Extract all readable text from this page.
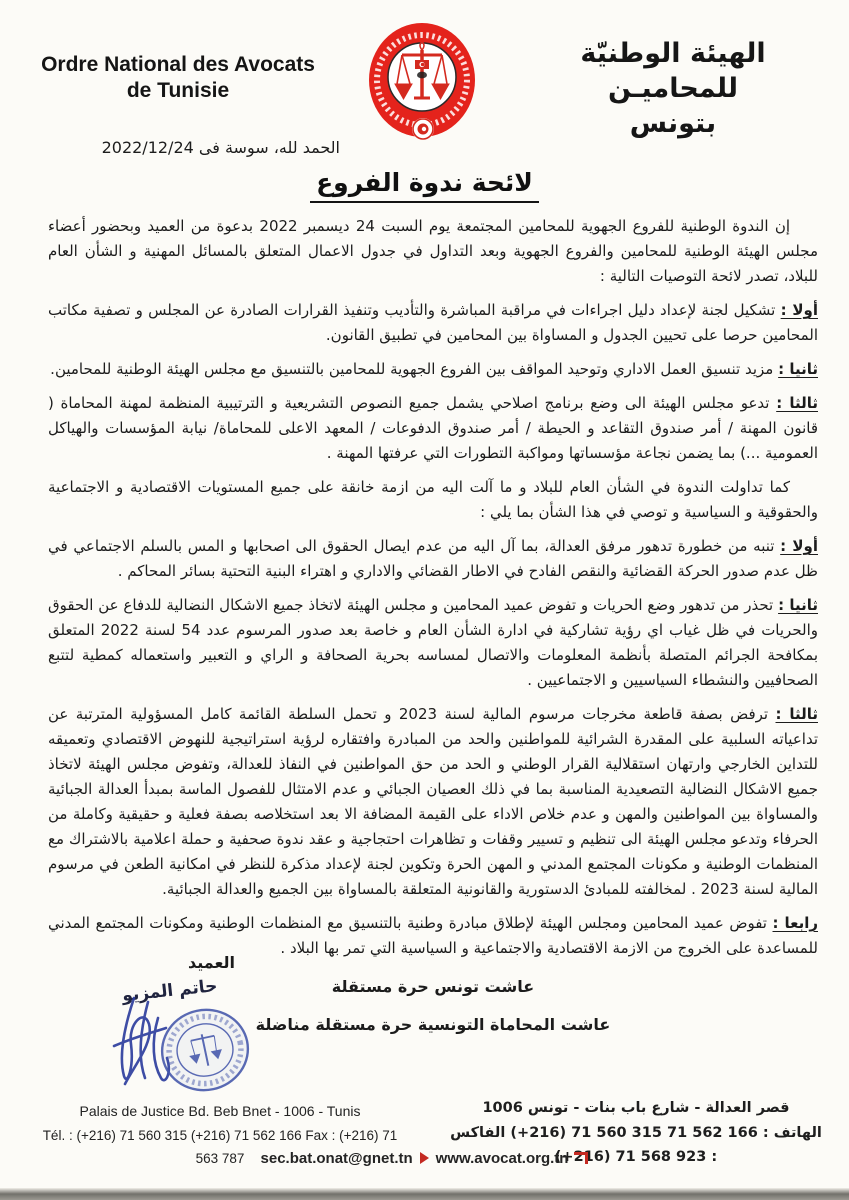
Ordre National des Avocats
de Tunisie
الهيئة الوطنيّة للمحاميـن
بتونس
الحمد لله، سوسة فى 2022/12/24
لائحة ندوة الفروع

إن الندوة الوطنية للفروع الجهوية للمحامين المجتمعة يوم السبت 24 ديسمبر 2022 بدعوة من العميد وبحضور أعضاء مجلس الهيئة الوطنية للمحامين والفروع الجهوية وبعد التداول في جدول الاعمال المتعلق بالمسائل المهنية و الشأن العام للبلاد، تصدر لائحة التوصيات التالية :

أولا : تشكيل لجنة لإعداد دليل اجراءات في مراقبة المباشرة والتأديب وتنفيذ القرارات الصادرة عن المجلس و تصفية مكاتب المحامين حرصا على تحيين الجدول و المساواة بين المحامين في تطبيق القانون.

ثانيا : مزيد تنسيق العمل الاداري وتوحيد المواقف بين الفروع الجهوية للمحامين بالتنسيق مع مجلس الهيئة الوطنية للمحامين.

ثالثا : تدعو مجلس الهيئة الى وضع برنامج اصلاحي يشمل جميع النصوص التشريعية و الترتيبية المنظمة لمهنة المحاماة ( قانون المهنة / أمر صندوق التقاعد و الحيطة / أمر صندوق الدفوعات / المعهد الاعلى للمحاماة/ نيابة المؤسسات والهياكل العمومية ...) بما يضمن نجاعة مؤسساتها ومواكبة التطورات التي عرفتها المهنة .

كما تداولت الندوة في الشأن العام للبلاد و ما آلت اليه من ازمة خانقة على جميع المستويات الاقتصادية و الاجتماعية والحقوقية و السياسية و توصي في هذا الشأن بما يلي :

أولا : تنبه من خطورة تدهور مرفق العدالة، بما آل اليه من عدم ايصال الحقوق الى اصحابها و المس بالسلم الاجتماعي في ظل عدم صدور الحركة القضائية والنقص الفادح في الاطار القضائي والاداري و اهتراء البنية التحتية بسائر المحاكم .

ثانيا : تحذر من تدهور وضع الحريات و تفوض عميد المحامين و مجلس الهيئة لاتخاذ جميع الاشكال النضالية للدفاع عن الحقوق والحريات في ظل غياب اي رؤية تشاركية في ادارة الشأن العام و خاصة بعد صدور المرسوم عدد 54 لسنة 2022 المتعلق بمكافحة الجرائم المتصلة بأنظمة المعلومات والاتصال لمساسه بحرية الصحافة و الراي و التعبير واستعماله كمطية لتتبع الصحافيين والنشطاء السياسيين و الاجتماعيين .

ثالثا : ترفض بصفة قاطعة مخرجات مرسوم المالية لسنة 2023 و تحمل السلطة القائمة كامل المسؤولية المترتبة عن تداعياته السلبية على المقدرة الشرائية للمواطنين والحد من المبادرة وافتقاره لرؤية استراتيجية للنهوض الاقتصادي وتعميقه للتداين الخارجي وارتهان استقلالية القرار الوطني و الحد من حق المواطنين في النفاذ للعدالة، وتفوض مجلس الهيئة لاتخاذ جميع الاشكال النضالية التصعيدية المناسبة بما في ذلك العصيان الجبائي و عدم الامتثال للفصول الماسة بمبدأ العدالة الجبائية والمساواة بين المواطنين والمهن و عدم خلاص الاداء على القيمة المضافة الا بعد استخلاصه بصفة فعلية و حقيقية وكاملة من الحرفاء وتدعو مجلس الهيئة الى تنظيم و تسيير وقفات و تظاهرات احتجاجية و عقد ندوة صحفية و حملة اعلامية بالاشتراك مع المنظمات الوطنية و مكونات المجتمع المدني و المهن الحرة وتكوين لجنة لإعداد مذكرة للنظر في امكانية الطعن في مرسوم المالية لسنة 2023 . لمخالفته للمبادئ الدستورية والقانونية المتعلقة بالمساواة بين الجميع والعدالة الجبائية.

رابعا : تفوض عميد المحامين ومجلس الهيئة لإطلاق مبادرة وطنية بالتنسيق مع المنظمات الوطنية ومكونات المجتمع المدني للمساعدة على الخروج من الازمة الاقتصادية والاجتماعية و السياسية التي تمر بها البلاد .

عاشت تونس حرة مستقلة

عاشت المحاماة التونسية حرة مستقلة مناضلة

العميد
حاتم المزيو
Palais de Justice Bd. Beb Bnet - 1006 - Tunis
Tél. : (+216) 71 560 315 (+216) 71 562 166 Fax : (+216) 71 563 787
قصر العدالة - شارع باب بنات - تونس 1006
الهاتف : (+216) 71 560 315 71 562 166 الفاكس : (+216) 71 568 923
sec.bat.onat@gnet.tn www.avocat.org.tn
